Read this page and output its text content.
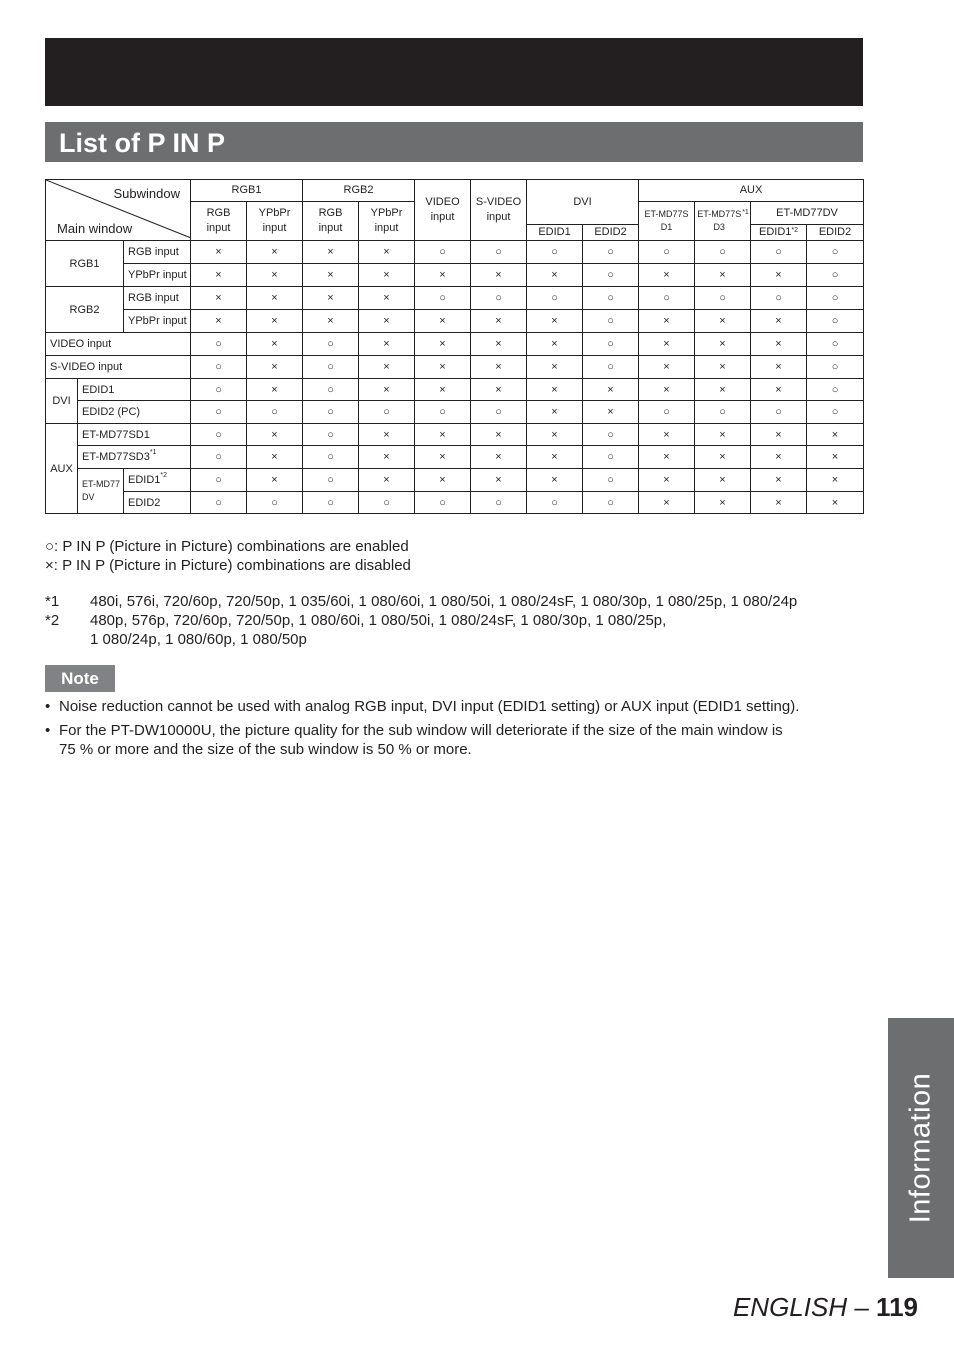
List of P IN P
Subwindow
Main window			RGB1		RGB2		VIDEO input	S-VIDEO input	DVI		AUX			
			RGB input	YPbPr input	RGB input	YPbPr input					ET-MD77SD1	ET-MD77SD3$^{*1}$	ET-MD77DV	
									EDID1	EDID2			EDID1$^{*2}$	EDID2
RGB1		RGB input	×	×	×	×	○	○	○	○	○	○	○	○
		YPbPr input	×	×	×	×	×	×	×	○	×	×	×	○
RGB2		RGB input	×	×	×	×	○	○	○	○	○	○	○	○
		YPbPr input	×	×	×	×	×	×	×	○	×	×	×	○
VIDEO input			○	×	○	×	×	×	×	○	×	×	×	○
S-VIDEO input			○	×	○	×	×	×	×	○	×	×	×	○
DVI	EDID1		○	×	○	×	×	×	×	×	×	×	×	○
	EDID2 (PC)		○	○	○	○	○	○	×	×	○	○	○	○
AUX	ET-MD77SD1		○	×	○	×	×	×	×	○	×	×	×	×
	ET-MD77SD3$^{*1}$		○	×	○	×	×	×	×	○	×	×	×	×
	ET-MD77DV	EDID1$^{*2}$	○	×	○	×	×	×	×	○	×	×	×	×
		EDID2	○	○	○	○	○	○	○	○	×	×	×	×
○: P IN P (Picture in Picture) combinations are enabled
×: P IN P (Picture in Picture) combinations are disabled
*1 480i, 576i, 720/60p, 720/50p, 1 035/60i, 1 080/60i, 1 080/50i, 1 080/24sF, 1 080/30p, 1 080/25p, 1 080/24p
*2 480p, 576p, 720/60p, 720/50p, 1 080/60i, 1 080/50i, 1 080/24sF, 1 080/30p, 1 080/25p,
1 080/24p, 1 080/60p, 1 080/50p
Note
• Noise reduction cannot be used with analog RGB input, DVI input (EDID1 setting) or AUX input (EDID1 setting).
• For the PT-DW10000U, the picture quality for the sub window will deteriorate if the size of the main window is
75 % or more and the size of the sub window is 50 % or more.
Information
ENGLISH – 119
